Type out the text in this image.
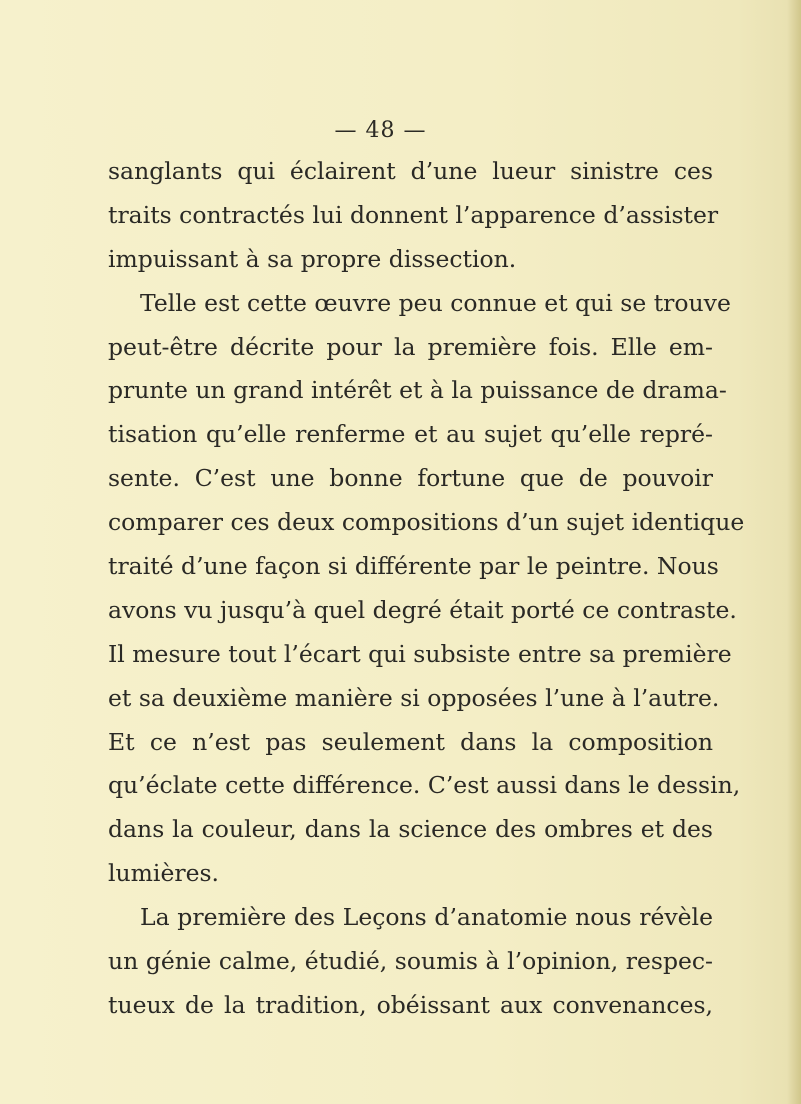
— 48 —
sanglants qui éclairent d’une lueur sinistre ces
traits contractés lui donnent l’apparence d’assister
impuissant à sa propre dissection.
Telle est cette œuvre peu connue et qui se trouve
peut-être décrite pour la première fois. Elle em-
prunte un grand intérêt et à la puissance de drama-
tisation qu’elle renferme et au sujet qu’elle repré-
sente. C’est une bonne fortune que de pouvoir
comparer ces deux compositions d’un sujet identique
traité d’une façon si différente par le peintre. Nous
avons vu jusqu’à quel degré était porté ce contraste.
Il mesure tout l’écart qui subsiste entre sa première
et sa deuxième manière si opposées l’une à l’autre.
Et ce n’est pas seulement dans la composition
qu’éclate cette différence. C’est aussi dans le dessin,
dans la couleur, dans la science des ombres et des
lumières.
La première des Leçons d’anatomie nous révèle
un génie calme, étudié, soumis à l’opinion, respec-
tueux de la tradition, obéissant aux convenances,
